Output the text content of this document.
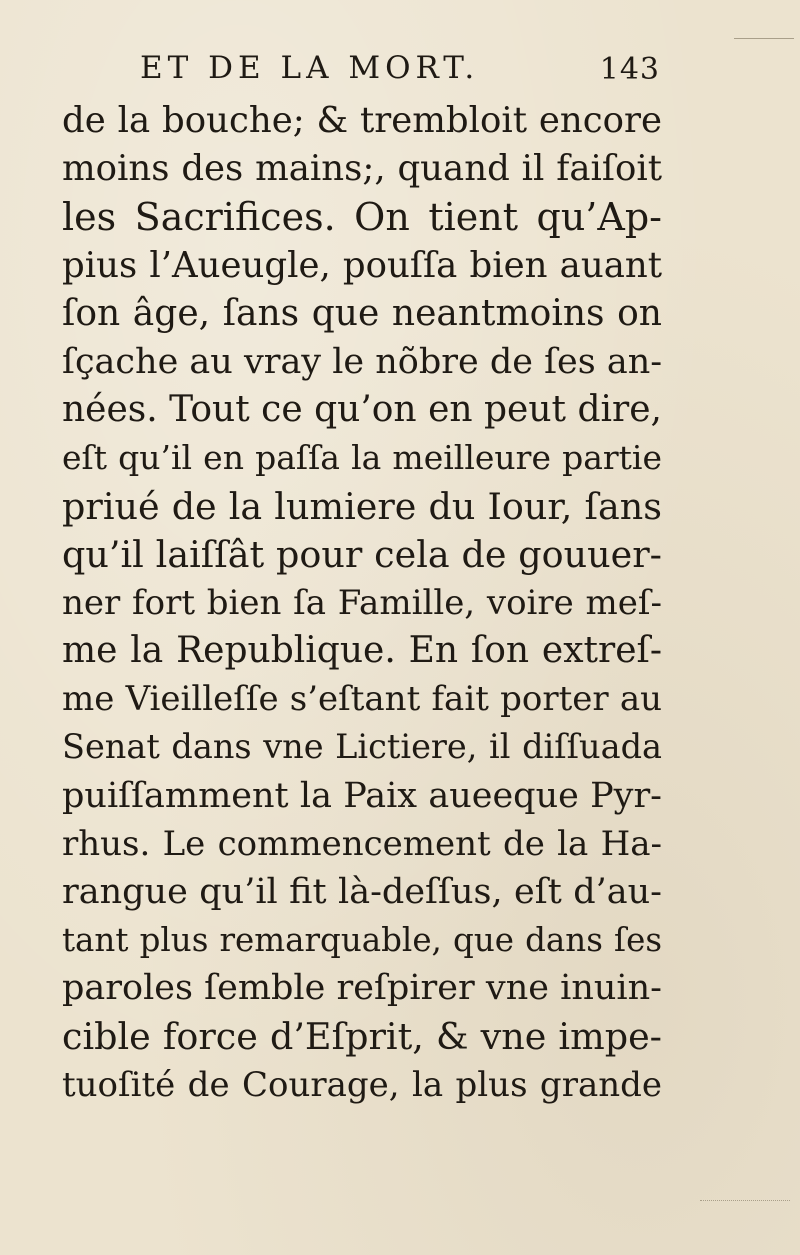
ET DE LA MORT.	143
de la bouche; & trembloit encore
moins des mains;, quand il faiſoit
les Sacrifices. On tient qu’Ap-
pius l’Aueugle, pouſſa bien auant
ſon âge, ſans que neantmoins on
ſçache au vray le nõbre de ſes an-
nées. Tout ce qu’on en peut dire,
eſt qu’il en paſſa la meilleure partie
priué de la lumiere du Iour, ſans
qu’il laiſſât pour cela de gouuer-
ner fort bien ſa Famille, voire meſ-
me la Republique. En ſon extreſ-
me Vieilleſſe s’eſtant fait porter au
Senat dans vne Lictiere, il diſſuada
puiſſamment la Paix aueeque Pyr-
rhus. Le commencement de la Ha-
rangue qu’il fit là-deſſus, eſt d’au-
tant plus remarquable, que dans ſes
paroles ſemble reſpirer vne inuin-
cible force d’Eſprit, & vne impe-
tuoſité de Courage, la plus grande
